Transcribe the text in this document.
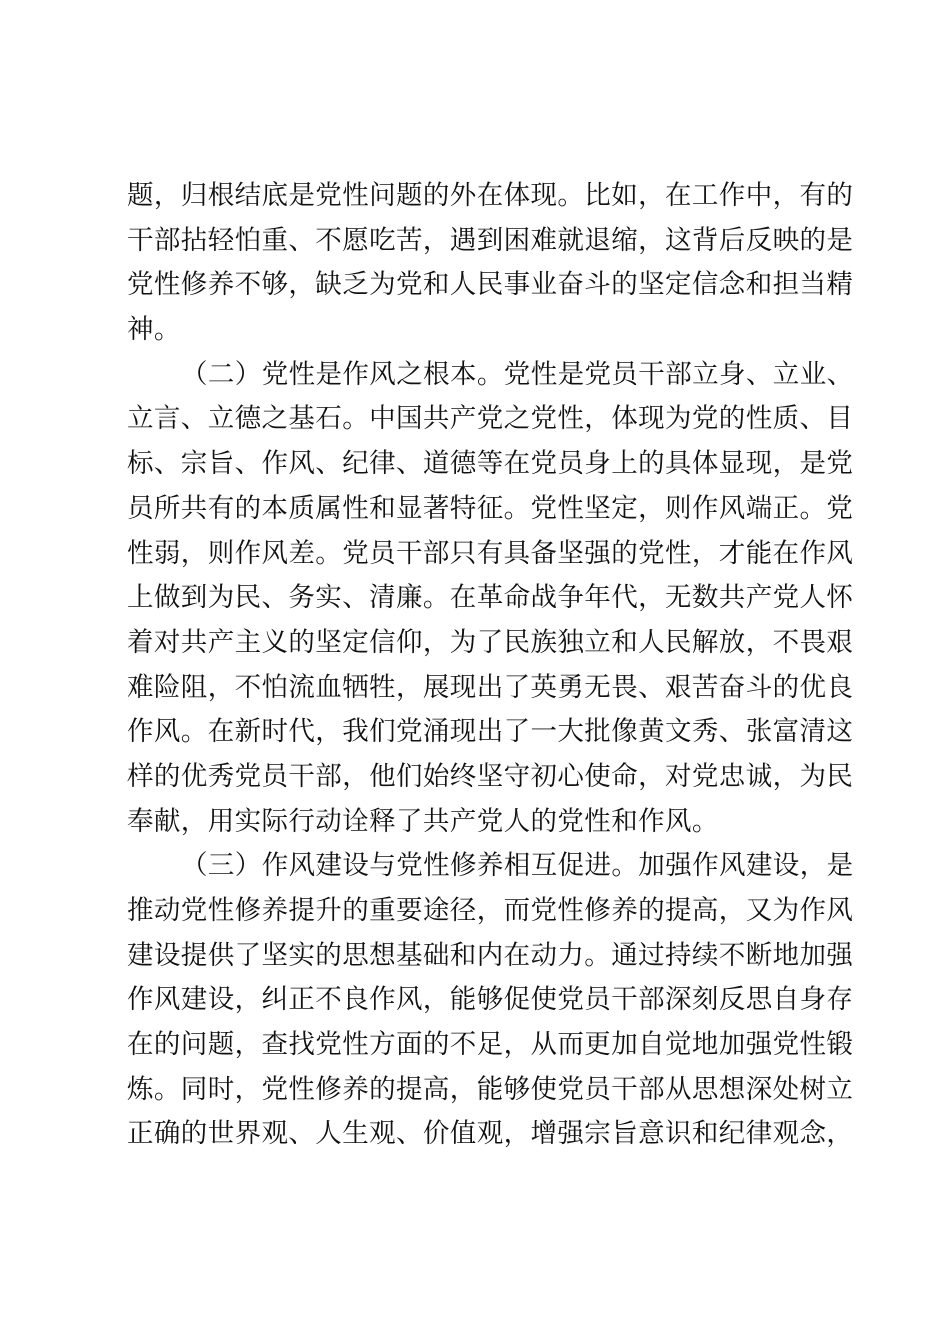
题，归根结底是党性问题的外在体现。比如，在工作中，有的
干部拈轻怕重、不愿吃苦，遇到困难就退缩，这背后反映的是
党性修养不够，缺乏为党和人民事业奋斗的坚定信念和担当精
神。
（二）党性是作风之根本。党性是党员干部立身、立业、
立言、立德之基石。中国共产党之党性，体现为党的性质、目
标、宗旨、作风、纪律、道德等在党员身上的具体显现，是党
员所共有的本质属性和显著特征。党性坚定，则作风端正。党
性弱，则作风差。党员干部只有具备坚强的党性，才能在作风
上做到为民、务实、清廉。在革命战争年代，无数共产党人怀
着对共产主义的坚定信仰，为了民族独立和人民解放，不畏艰
难险阻，不怕流血牺牲，展现出了英勇无畏、艰苦奋斗的优良
作风。在新时代，我们党涌现出了一大批像黄文秀、张富清这
样的优秀党员干部，他们始终坚守初心使命，对党忠诚，为民
奉献，用实际行动诠释了共产党人的党性和作风。
（三）作风建设与党性修养相互促进。加强作风建设，是
推动党性修养提升的重要途径，而党性修养的提高，又为作风
建设提供了坚实的思想基础和内在动力。通过持续不断地加强
作风建设，纠正不良作风，能够促使党员干部深刻反思自身存
在的问题，查找党性方面的不足，从而更加自觉地加强党性锻
炼。同时，党性修养的提高，能够使党员干部从思想深处树立
正确的世界观、人生观、价值观，增强宗旨意识和纪律观念，
